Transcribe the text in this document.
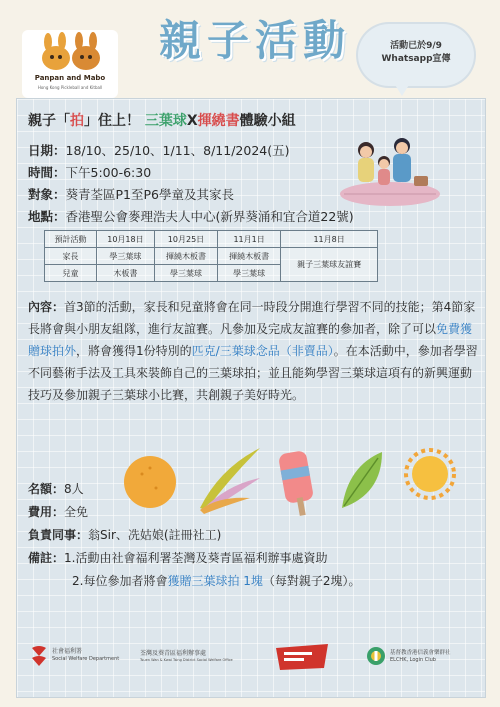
Panpan and Mabo
Hong Kong Pickleball and Kitball
親子活動	活動已於9/9
Whatsapp宣傳
親子「拍」住上！ 三葉球X揮繞書體驗小組
日期：18/10、25/10、1/11、8/11/2024(五)
時間：下午5:00-6:30
對象：葵青荃區P1至P6學童及其家長
地點：香港聖公會麥理浩夫人中心(新界葵涌和宜合道22號)
預計活動	10月18日	10月25日	11月1日	11月8日
家長	學三葉球	揮繞木板書	揮繞木板書	親子三葉球友誼賽
兒童	木板書	學三葉球	學三葉球	
內容：首3節的活動，家長和兒童將會在同一時段分開進行學習不同的技能；第4節家長將會與小朋友組隊，進行友誼賽。凡參加及完成友誼賽的參加者，除了可以免費獲贈球拍外，將會獲得1份特別的匹克/三葉球念品（非賣品）。在本活動中，參加者學習不同藝術手法及工具來裝飾自己的三葉球拍；並且能夠學習三葉球這項有的新興運動技巧及參加親子三葉球小比賽，共創親子美好時光。
名額：8人
費用：全免
負責同事：翁Sir、冼姑娘(註冊社工)
備註：1.活動由社會福利署荃灣及葵青區福利辦事處資助
2.每位參加者將會獲贈三葉球拍 1塊（每對親子2塊）。
社會福利署
Social Welfare Department
荃灣及葵青區福利辦事處
Tsuen Wan & Kwai Tsing District Social Welfare Office
基督教香港信義會樂群社
ELCHK, Login Club
